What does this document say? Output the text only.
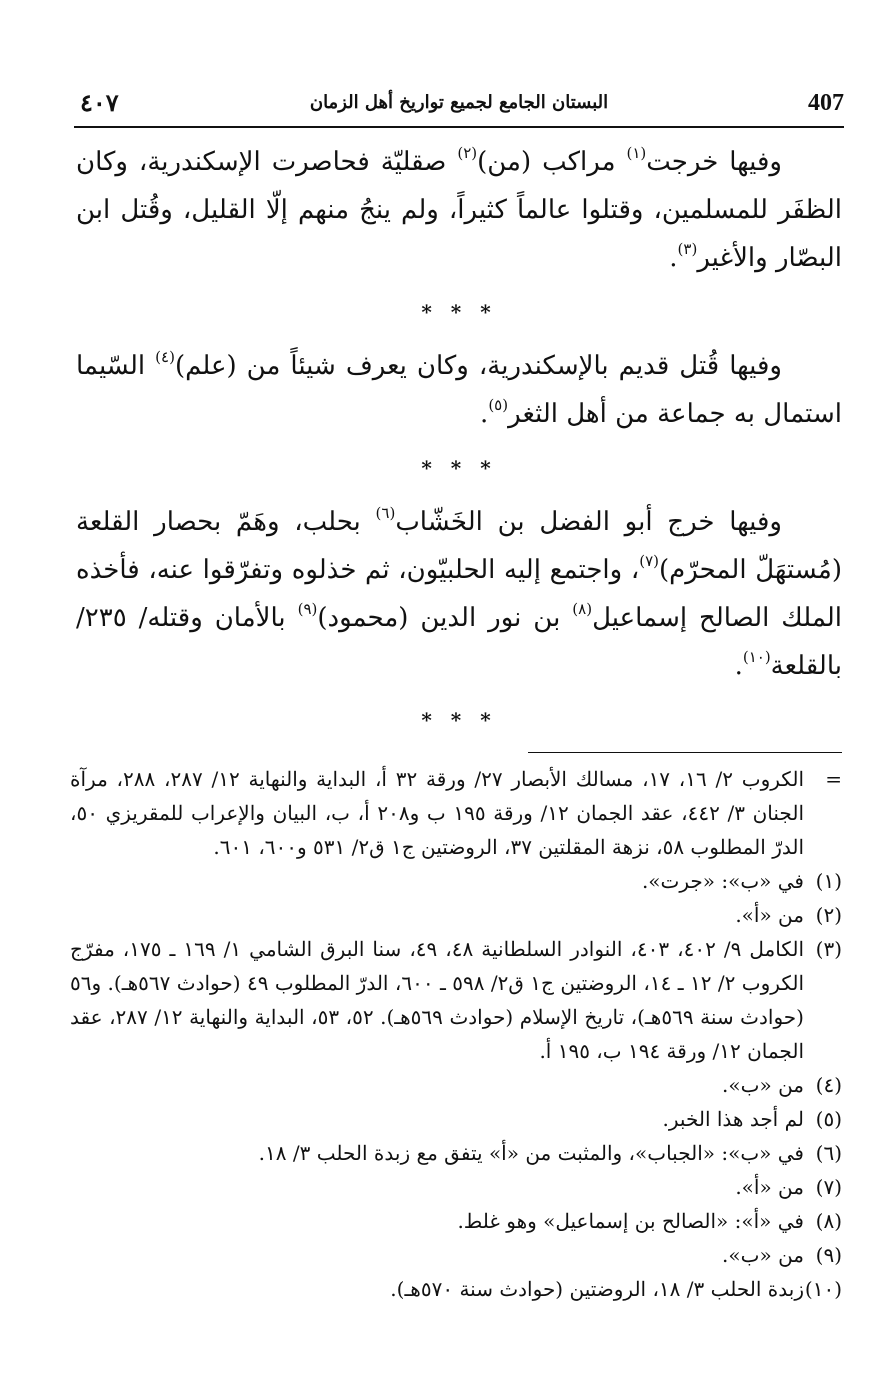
407
البستان الجامع لجميع تواريخ أهل الزمان
٤٠٧

وفيها خرجت$^{(١)}$ مراكب (من)$^{(٢)}$ صقليّة فحاصرت الإسكندرية، وكان الظفَر للمسلمين، وقتلوا عالماً كثيراً، ولم ينجُ منهم إلّا القليل، وقُتل ابن البصّار والأغير$^{(٣)}$.

* * *

وفيها قُتل قديم بالإسكندرية، وكان يعرف شيئاً من (علم)$^{(٤)}$ السّيما استمال به جماعة من أهل الثغر$^{(٥)}$.

* * *

وفيها خرج أبو الفضل بن الخَشّاب$^{(٦)}$ بحلب، وهَمّ بحصار القلعة (مُستهَلّ المحرّم)$^{(٧)}$، واجتمع إليه الحلبيّون، ثم خذلوه وتفرّقوا عنه، فأخذه الملك الصالح إسماعيل$^{(٨)}$ بن نور الدين (محمود)$^{(٩)}$ بالأمان وقتله/ ٢٣٥/ بالقلعة$^{(١٠)}$.

* * *

=
الكروب ٢/ ١٦، ١٧، مسالك الأبصار ٢٧/ ورقة ٣٢ أ، البداية والنهاية ١٢/ ٢٨٧، ٢٨٨، مرآة الجنان ٣/ ٤٤٢، عقد الجمان ١٢/ ورقة ١٩٥ ب و٢٠٨ أ، ب، البيان والإعراب للمقريزي ٥٠، الدرّ المطلوب ٥٨، نزهة المقلتين ٣٧، الروضتين ج١ ق٢/ ٥٣١ و٦٠٠، ٦٠١.

(١)
في «ب»: «جرت».

(٢)
من «أ».

(٣)
الكامل ٩/ ٤٠٢، ٤٠٣، النوادر السلطانية ٤٨، ٤٩، سنا البرق الشامي ١/ ١٦٩ ـ ١٧٥، مفرّج الكروب ٢/ ١٢ ـ ١٤، الروضتين ج١ ق٢/ ٥٩٨ ـ ٦٠٠، الدرّ المطلوب ٤٩ (حوادث ٥٦٧هـ). و٥٦ (حوادث سنة ٥٦٩هـ)، تاريخ الإسلام (حوادث ٥٦٩هـ). ٥٢، ٥٣، البداية والنهاية ١٢/ ٢٨٧، عقد الجمان ١٢/ ورقة ١٩٤ ب، ١٩٥ أ.

(٤)
من «ب».

(٥)
لم أجد هذا الخبر.

(٦)
في «ب»: «الجباب»، والمثبت من «أ» يتفق مع زبدة الحلب ٣/ ١٨.

(٧)
من «أ».

(٨)
في «أ»: «الصالح بن إسماعيل» وهو غلط.

(٩)
من «ب».

(١٠)
زبدة الحلب ٣/ ١٨، الروضتين (حوادث سنة ٥٧٠هـ).
